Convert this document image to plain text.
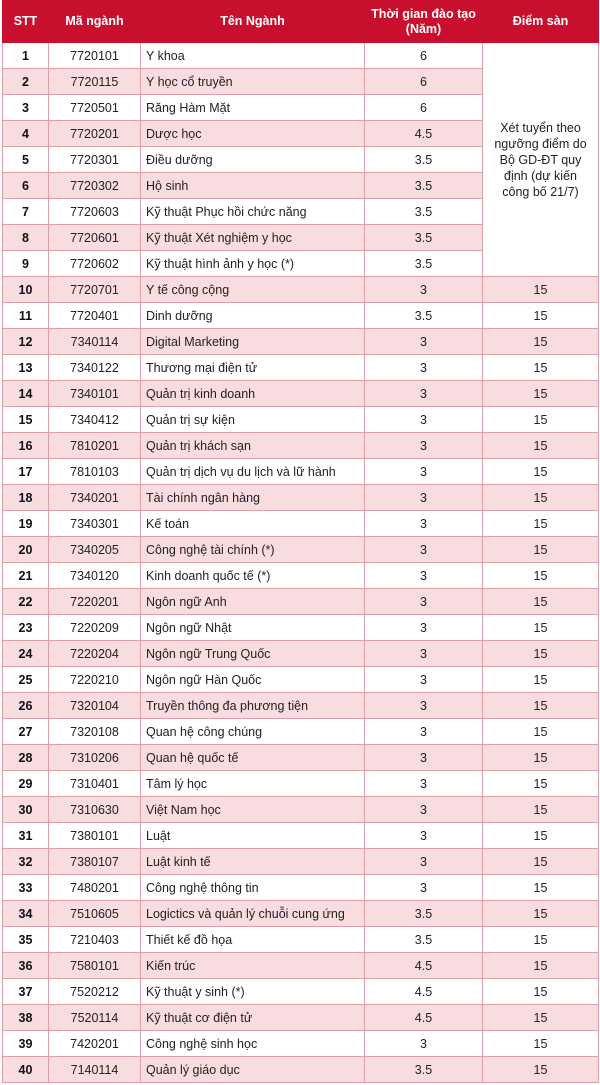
STT	Mã ngành	Tên Ngành	Thời gian đào tạo (Năm)	Điểm sàn
1	7720101	Y khoa	6	Xét tuyển theo ngưỡng điểm do Bộ GD-ĐT quy định (dự kiến công bố 21/7)
2	7720115	Y học cổ truyền	6	
3	7720501	Răng Hàm Mặt	6	
4	7720201	Dược học	4.5	
5	7720301	Điều dưỡng	3.5	
6	7720302	Hộ sinh	3.5	
7	7720603	Kỹ thuật Phục hồi chức năng	3.5	
8	7720601	Kỹ thuật Xét nghiệm y học	3.5	
9	7720602	Kỹ thuật hình ảnh y học (*)	3.5	
10	7720701	Y tế công cộng	3	15
11	7720401	Dinh dưỡng	3.5	15
12	7340114	Digital Marketing	3	15
13	7340122	Thương mại điện tử	3	15
14	7340101	Quản trị kinh doanh	3	15
15	7340412	Quản trị sự kiện	3	15
16	7810201	Quản trị khách sạn	3	15
17	7810103	Quản trị dịch vụ du lịch và lữ hành	3	15
18	7340201	Tài chính ngân hàng	3	15
19	7340301	Kế toán	3	15
20	7340205	Công nghệ tài chính (*)	3	15
21	7340120	Kinh doanh quốc tế (*)	3	15
22	7220201	Ngôn ngữ Anh	3	15
23	7220209	Ngôn ngữ Nhật	3	15
24	7220204	Ngôn ngữ Trung Quốc	3	15
25	7220210	Ngôn ngữ Hàn Quốc	3	15
26	7320104	Truyền thông đa phương tiện	3	15
27	7320108	Quan hệ công chúng	3	15
28	7310206	Quan hệ quốc tế	3	15
29	7310401	Tâm lý học	3	15
30	7310630	Việt Nam học	3	15
31	7380101	Luật	3	15
32	7380107	Luật kinh tế	3	15
33	7480201	Công nghệ thông tin	3	15
34	7510605	Logictics và quản lý chuỗi cung ứng	3.5	15
35	7210403	Thiết kế đồ họa	3.5	15
36	7580101	Kiến trúc	4.5	15
37	7520212	Kỹ thuật y sinh (*)	4.5	15
38	7520114	Kỹ thuật cơ điện tử	4.5	15
39	7420201	Công nghệ sinh học	3	15
40	7140114	Quản lý giáo dục	3.5	15
